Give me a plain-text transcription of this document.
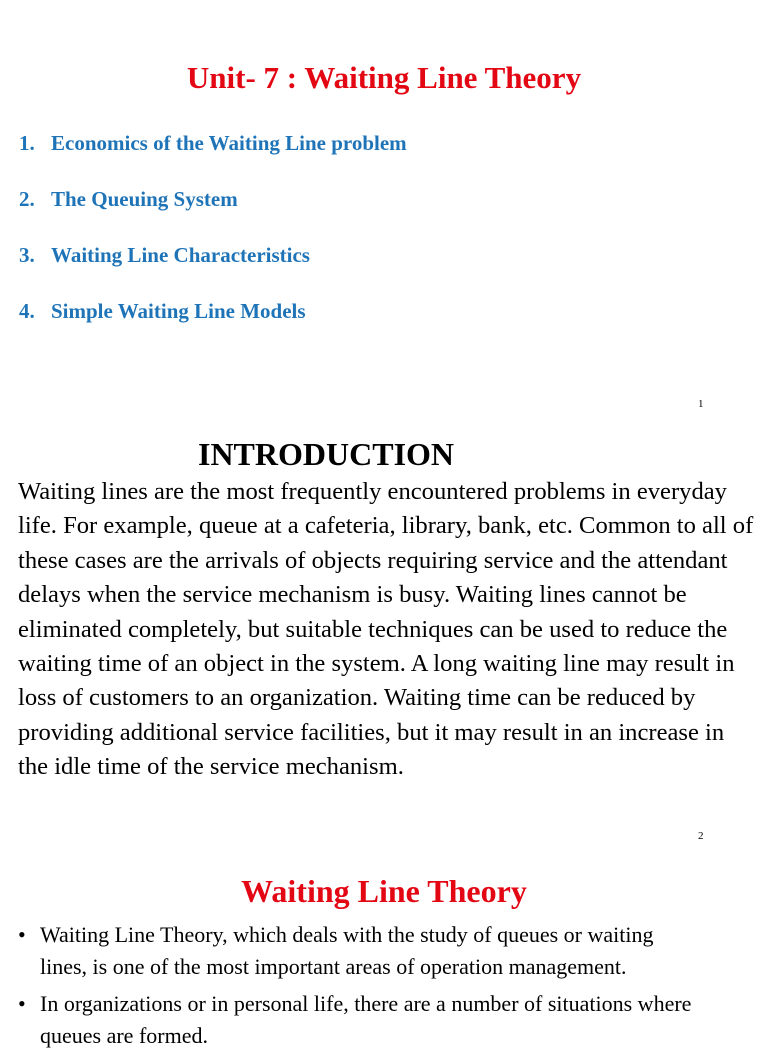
Unit- 7 : Waiting Line Theory
1. Economics of the Waiting Line problem
2. The Queuing System
3. Waiting Line Characteristics
4. Simple Waiting Line Models
1
INTRODUCTION

Waiting lines are the most frequently encountered problems in everyday life. For example, queue at a cafeteria, library, bank, etc. Common to all of these cases are the arrivals of objects requiring service and the attendant delays when the service mechanism is busy. Waiting lines cannot be eliminated completely, but suitable techniques can be used to reduce the waiting time of an object in the system. A long waiting line may result in loss of customers to an organization. Waiting time can be reduced by providing additional service facilities, but it may result in an increase in the idle time of the service mechanism.

2
Waiting Line Theory
• Waiting Line Theory, which deals with the study of queues or waiting lines, is one of the most important areas of operation management.
• In organizations or in personal life, there are a number of situations where queues are formed.
